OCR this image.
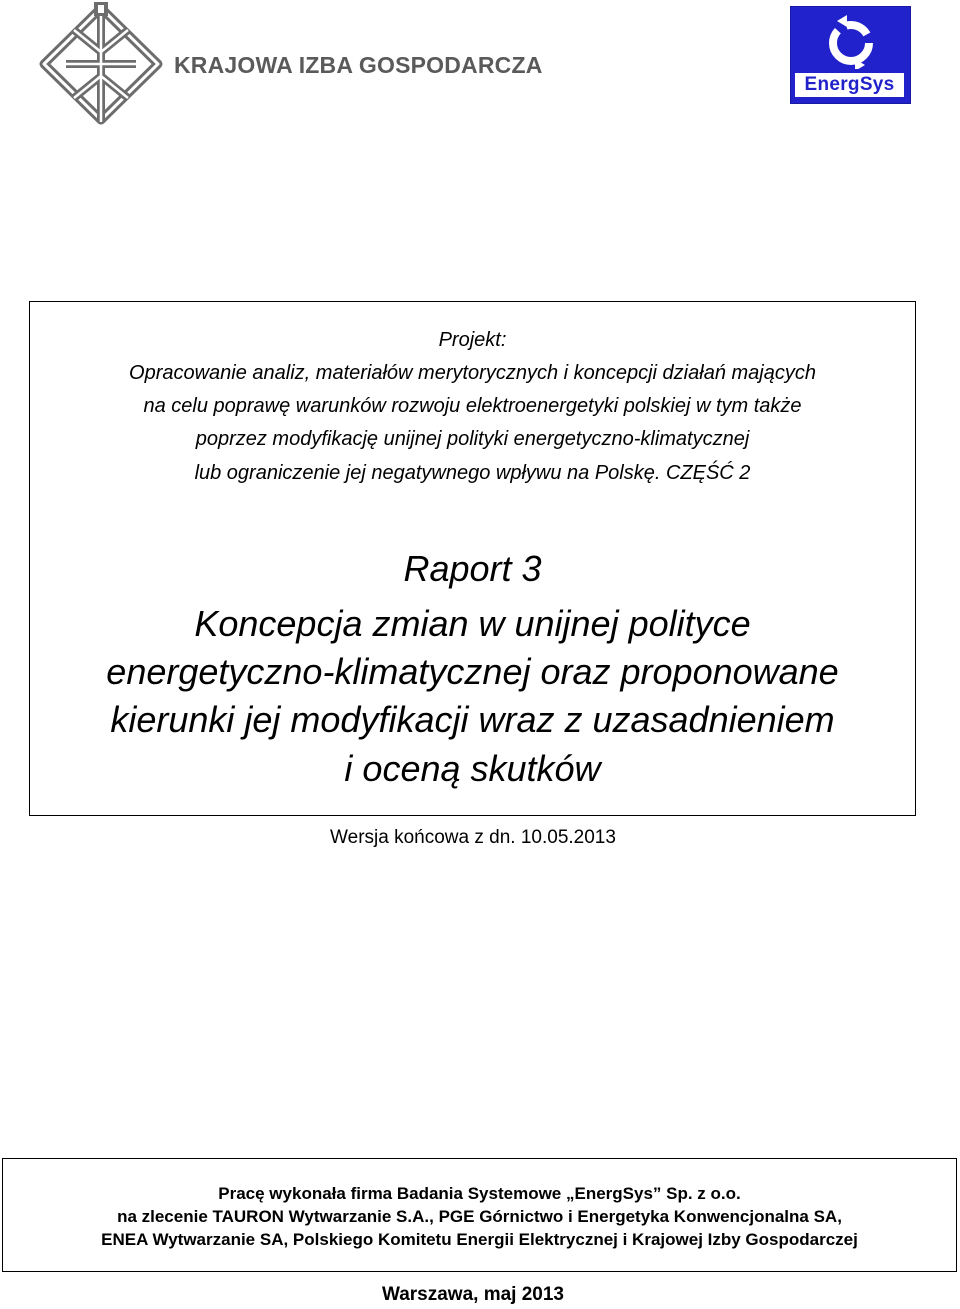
KRAJOWA IZBA GOSPODARCZA
EnergSys
Projekt:
Opracowanie analiz, materiałów merytorycznych i koncepcji działań mających
na celu poprawę warunków rozwoju elektroenergetyki polskiej w tym także
poprzez modyfikację unijnej polityki energetyczno-klimatycznej
lub ograniczenie jej negatywnego wpływu na Polskę. CZĘŚĆ 2
Raport 3
Koncepcja zmian w unijnej polityce
energetyczno-klimatycznej oraz proponowane
kierunki jej modyfikacji wraz z uzasadnieniem
i oceną skutków
Wersja końcowa z dn. 10.05.2013
Pracę wykonała firma Badania Systemowe „EnergSys” Sp. z o.o.
na zlecenie TAURON Wytwarzanie S.A., PGE Górnictwo i Energetyka Konwencjonalna SA,
ENEA Wytwarzanie SA, Polskiego Komitetu Energii Elektrycznej i Krajowej Izby Gospodarczej
Warszawa, maj 2013
